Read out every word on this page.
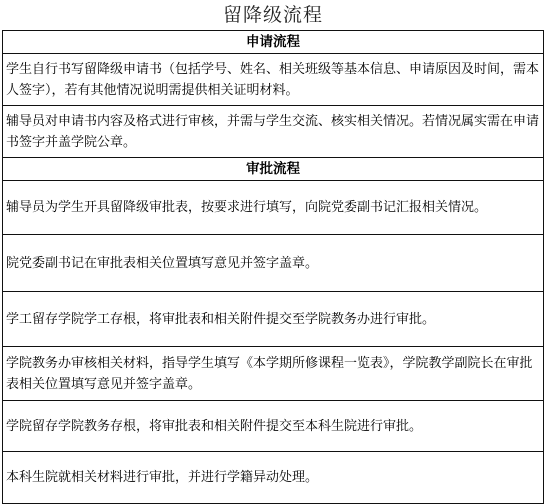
留降级流程
申请流程
学生自行书写留降级申请书（包括学号、姓名、相关班级等基本信息、申请原因及时间，需本人签字），若有其他情况说明需提供相关证明材料。
辅导员对申请书内容及格式进行审核，并需与学生交流、核实相关情况。若情况属实需在申请书签字并盖学院公章。
审批流程
辅导员为学生开具留降级审批表，按要求进行填写，向院党委副书记汇报相关情况。
院党委副书记在审批表相关位置填写意见并签字盖章。
学工留存学院学工存根，将审批表和相关附件提交至学院教务办进行审批。
学院教务办审核相关材料，指导学生填写《本学期所修课程一览表》，学院教学副院长在审批表相关位置填写意见并签字盖章。
学院留存学院教务存根，将审批表和相关附件提交至本科生院进行审批。
本科生院就相关材料进行审批，并进行学籍异动处理。
